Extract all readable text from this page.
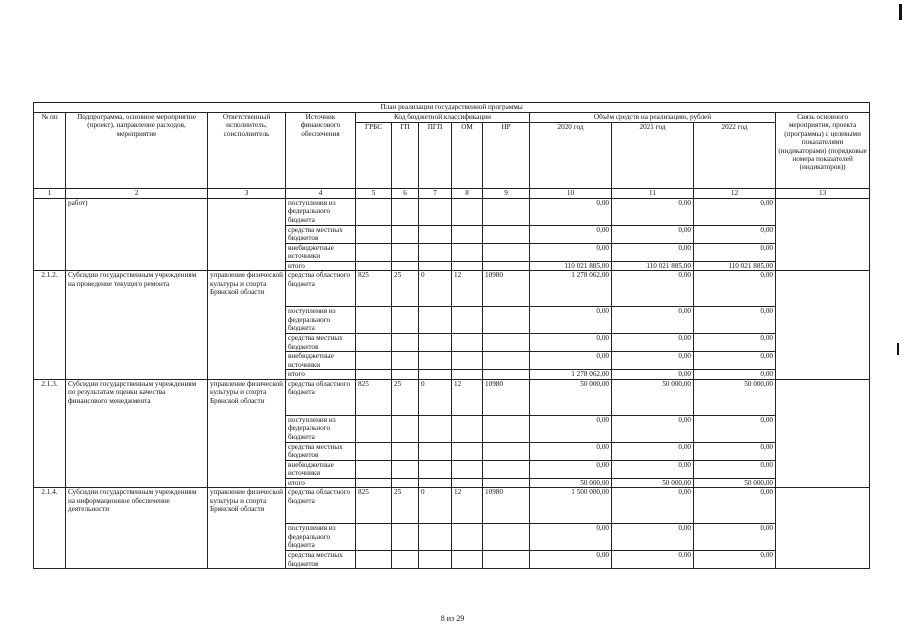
План реализации государственной программы												
№ пп	Подпрограмма, основное мероприятие (проект), направление расходов, мероприятие	Ответственный исполнитель, соисполнитель	Источник финансового обеспечения	Код бюджетной классификации					Объём средств на реализацию, рублей			Связь основного мероприятия, проекта (программы) с целевыми показателями (индикаторами) (порядковые номера показателей (индикаторов))
				ГРБС	ГП	ПГП	ОМ	НР	2020 год	2021 год	2022 год	
1	2	3	4	5	6	7	8	9	10	11	12	13
	работ)		поступления из федерального бюджета						0,00	0,00	0,00	
			средства местных бюджетов						0,00	0,00	0,00	
			внебюджетные источники						0,00	0,00	0,00	
			итого						110 021 885,00	110 021 885,00	110 021 885,00	
2.1.2.	Субсидии государственным учреждениям на проведение текущего ремонта	управление физической культуры и спорта Брянской области	средства областного бюджета	825	25	0	12	10980	1 278 062,00	0,00	0,00	
			поступления из федерального бюджета						0,00	0,00	0,00	
			средства местных бюджетов						0,00	0,00	0,00	
			внебюджетные источники						0,00	0,00	0,00	
			итого						1 278 062,00	0,00	0,00	
2.1.3.	Субсидии государственным учреждениям по результатам оценки качества финансового менеджмента	управление физической культуры и спорта Брянской области	средства областного бюджета	825	25	0	12	10980	50 000,00	50 000,00	50 000,00	
			поступления из федерального бюджета						0,00	0,00	0,00	
			средства местных бюджетов						0,00	0,00	0,00	
			внебюджетные источники						0,00	0,00	0,00	
			итого						50 000,00	50 000,00	50 000,00	
2.1.4.	Субсидии государственным учреждениям на информационное обеспечение деятельности	управление физической культуры и спорта Брянской области	средства областного бюджета	825	25	0	12	10980	1 500 000,00	0,00	0,00	
			поступления из федерального бюджета						0,00	0,00	0,00	
			средства местных бюджетов						0,00	0,00	0,00	
8 из 29
